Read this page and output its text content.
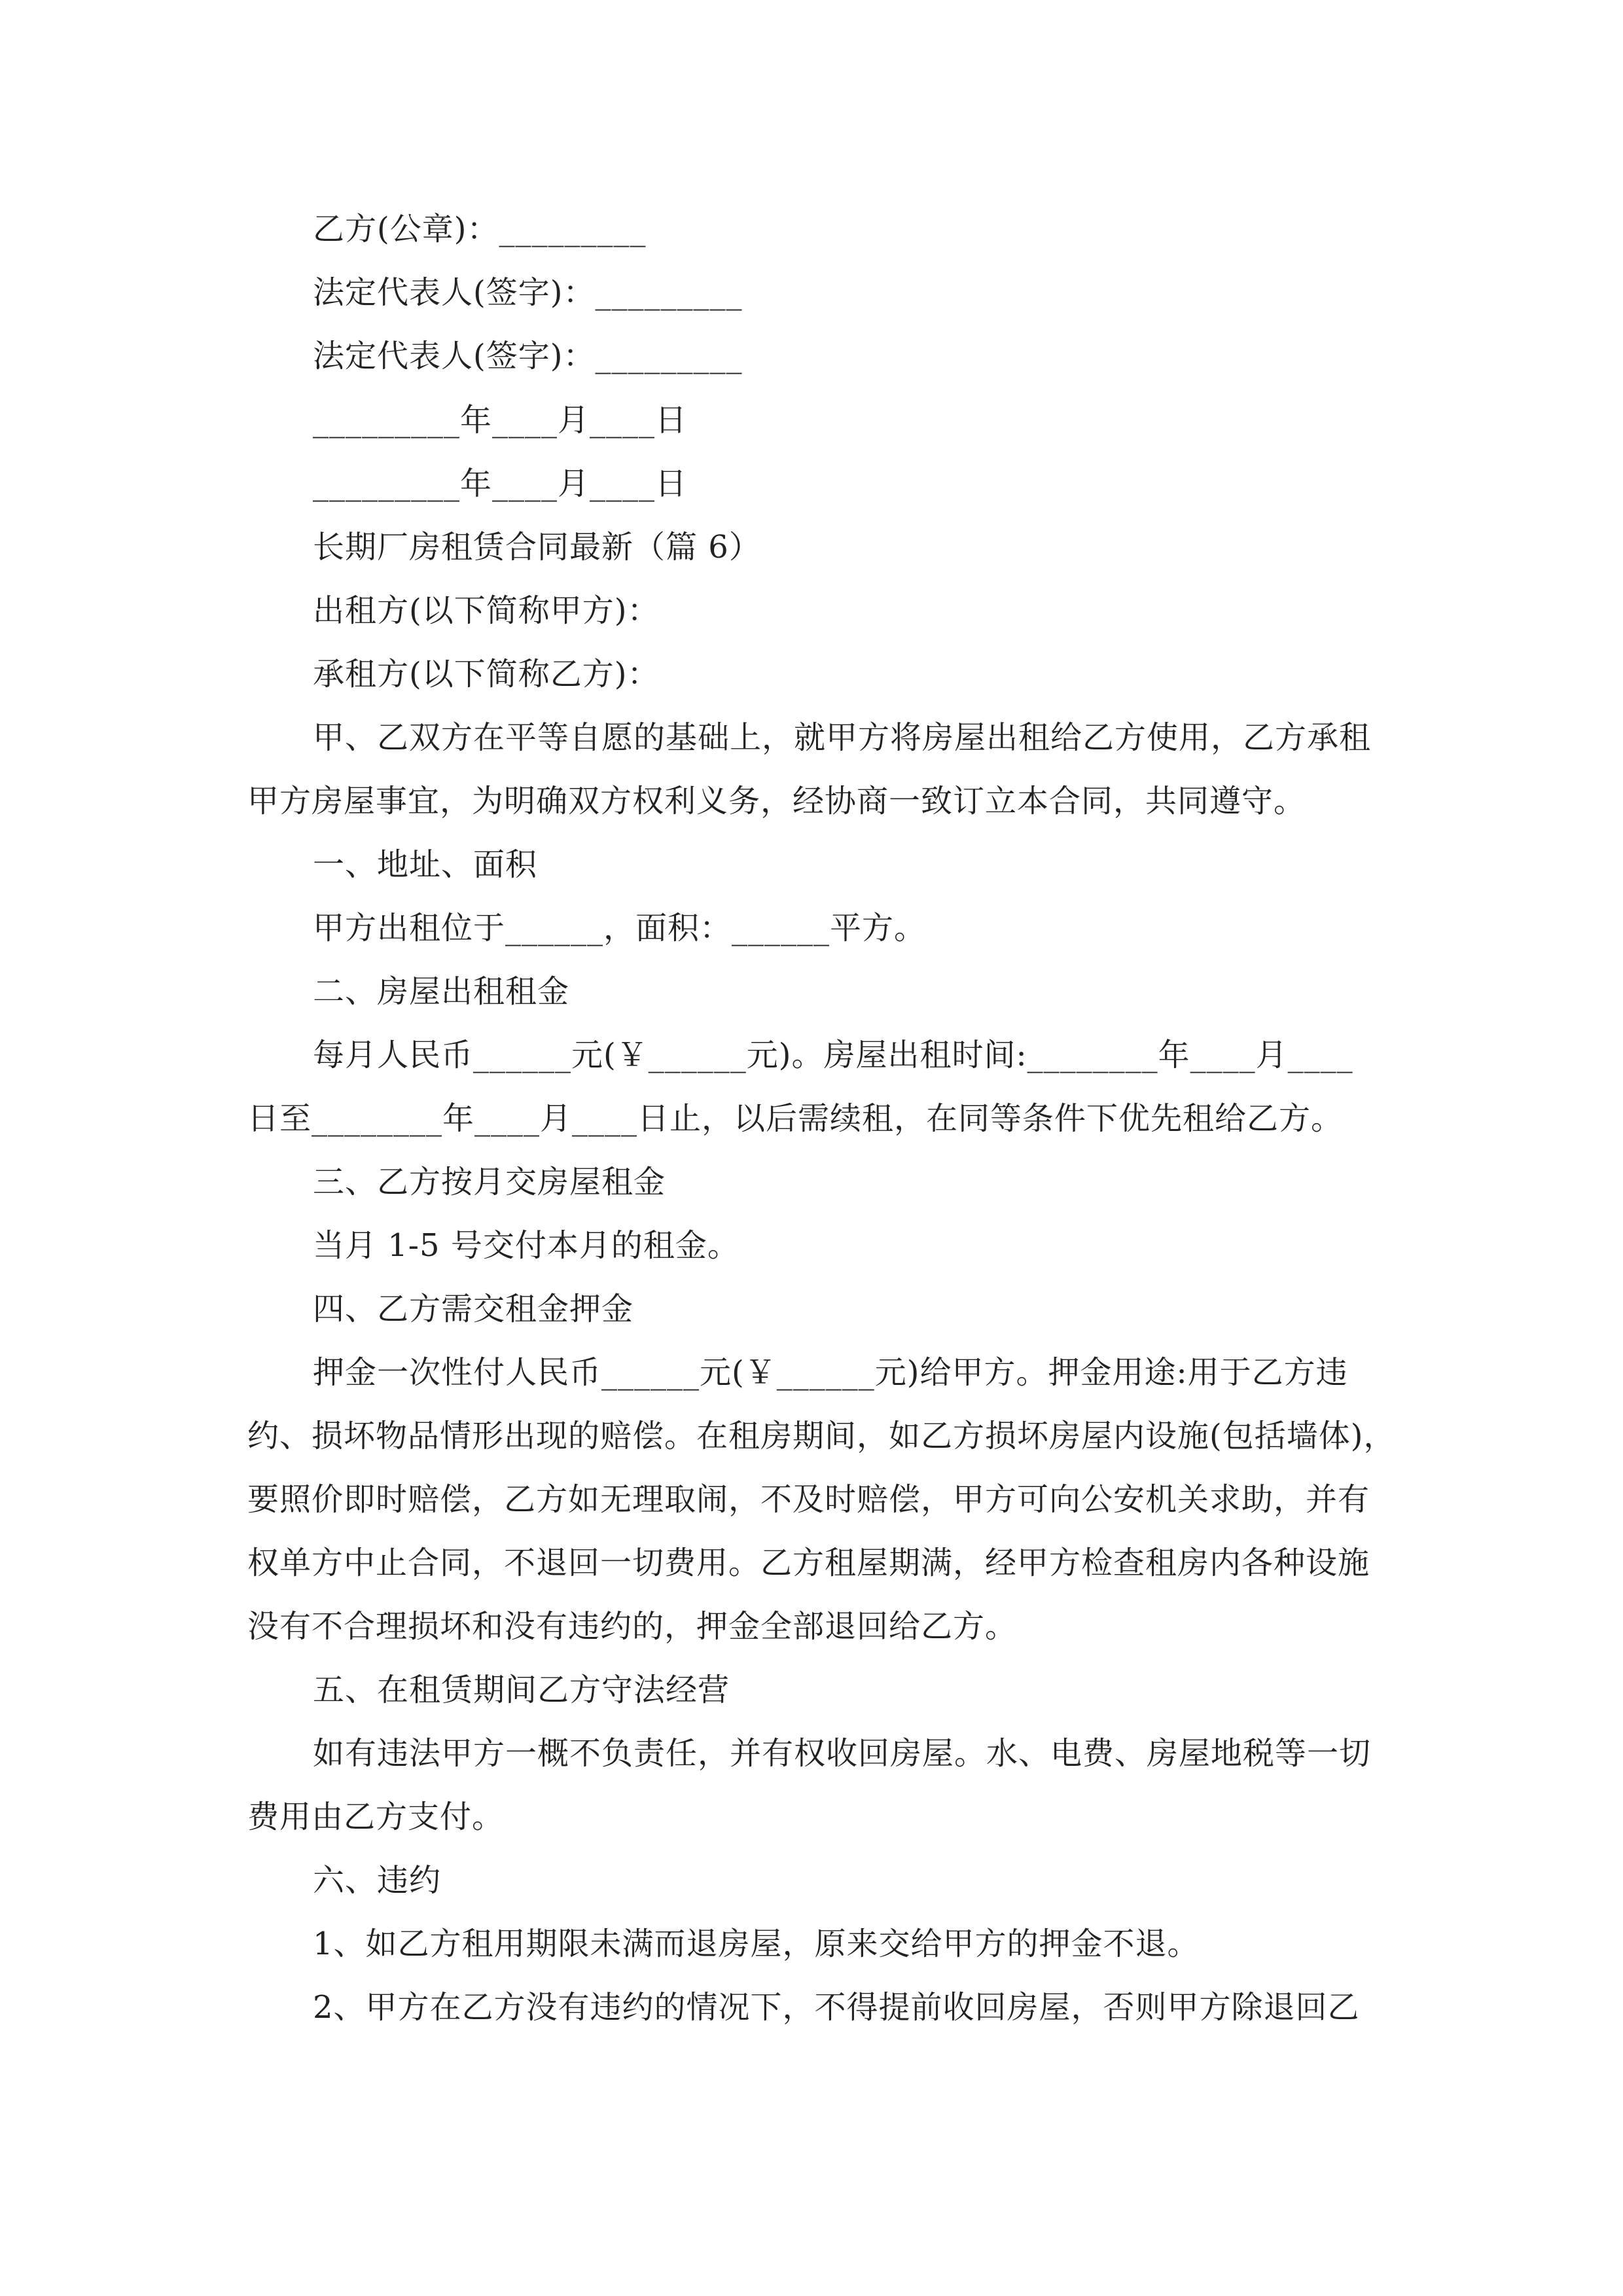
乙方(公章)：_________
法定代表人(签字)：_________
法定代表人(签字)：_________
_________年____月____日
_________年____月____日
长期厂房租赁合同最新（篇 6）
出租方(以下简称甲方)：
承租方(以下简称乙方)：
甲、乙双方在平等自愿的基础上，就甲方将房屋出租给乙方使用，乙方承租
甲方房屋事宜，为明确双方权利义务，经协商一致订立本合同，共同遵守。
一、地址、面积
甲方出租位于______，面积：______平方。
二、房屋出租租金
每月人民币______元(￥______元)。房屋出租时间:________年____月____
日至________年____月____日止，以后需续租，在同等条件下优先租给乙方。
三、乙方按月交房屋租金
当月 1-5 号交付本月的租金。
四、乙方需交租金押金
押金一次性付人民币______元(￥______元)给甲方。押金用途:用于乙方违
约、损坏物品情形出现的赔偿。在租房期间，如乙方损坏房屋内设施(包括墙体)，
要照价即时赔偿，乙方如无理取闹，不及时赔偿，甲方可向公安机关求助，并有
权单方中止合同，不退回一切费用。乙方租屋期满，经甲方检查租房内各种设施
没有不合理损坏和没有违约的，押金全部退回给乙方。
五、在租赁期间乙方守法经营
如有违法甲方一概不负责任，并有权收回房屋。水、电费、房屋地税等一切
费用由乙方支付。
六、违约
1、如乙方租用期限未满而退房屋，原来交给甲方的押金不退。
2、甲方在乙方没有违约的情况下，不得提前收回房屋，否则甲方除退回乙
